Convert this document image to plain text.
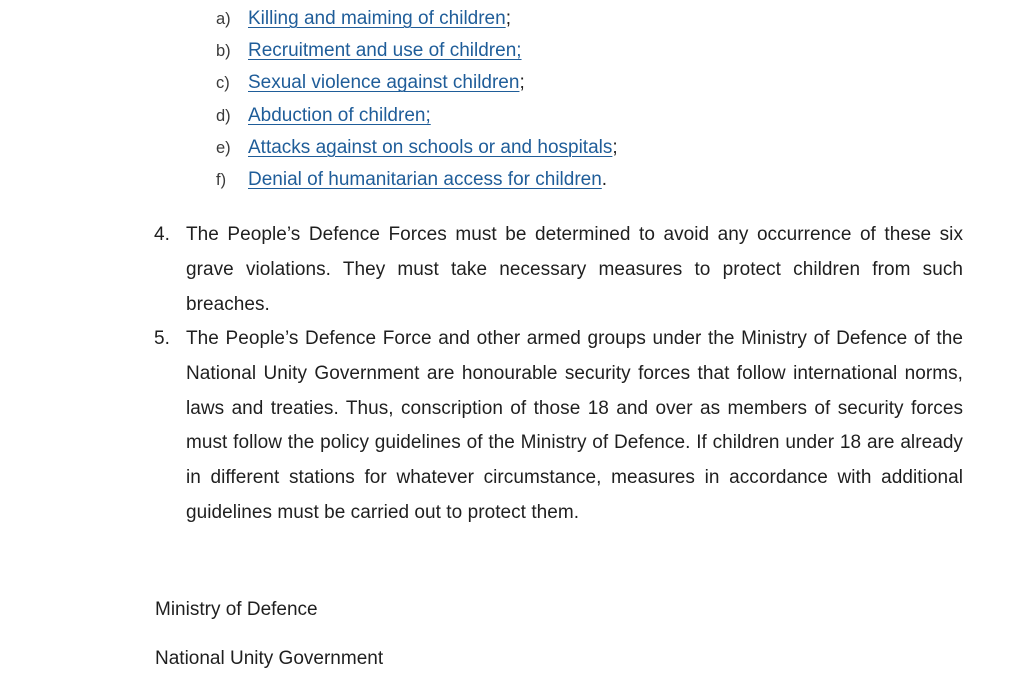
a) Killing and maiming of children;
b) Recruitment and use of children;
c) Sexual violence against children;
d) Abduction of children;
e) Attacks against on schools or and hospitals;
f) Denial of humanitarian access for children.
4. The People’s Defence Forces must be determined to avoid any occurrence of these six grave violations. They must take necessary measures to protect children from such breaches.
5. The People’s Defence Force and other armed groups under the Ministry of Defence of the National Unity Government are honourable security forces that follow international norms, laws and treaties. Thus, conscription of those 18 and over as members of security forces must follow the policy guidelines of the Ministry of Defence. If children under 18 are already in different stations for whatever circumstance, measures in accordance with additional guidelines must be carried out to protect them.
Ministry of Defence
National Unity Government
